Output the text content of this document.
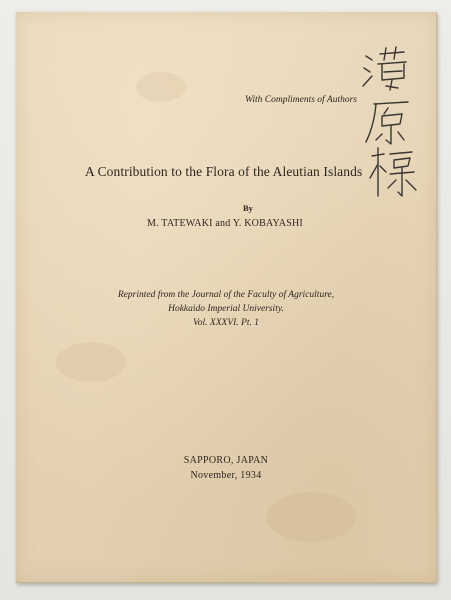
With Compliments of Authors
A Contribution to the Flora of the Aleutian Islands
By
M. TATEWAKI and Y. KOBAYASHI
Reprinted from the Journal of the Faculty of Agriculture,
Hokkaido Imperial University.
Vol. XXXVI. Pt. 1
SAPPORO, JAPAN
November, 1934
